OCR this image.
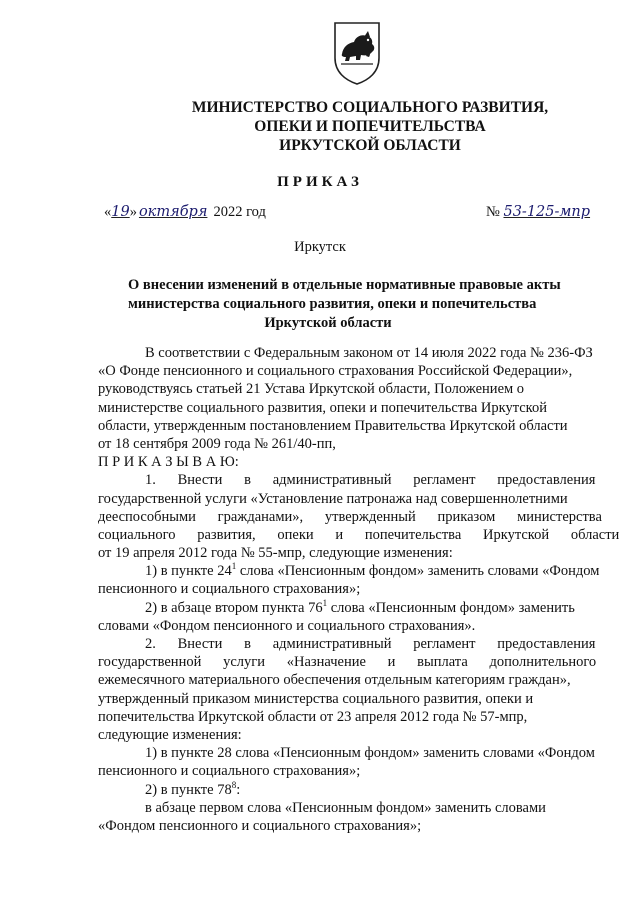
МИНИСТЕРСТВО СОЦИАЛЬНОГО РАЗВИТИЯ,
ОПЕКИ И ПОПЕЧИТЕЛЬСТВА
ИРКУТСКОЙ ОБЛАСТИ
ПРИКАЗ
«19» октября 2022 год	№ 53-125-мпр
Иркутск
О внесении изменений в отдельные нормативные правовые акты
министерства социального развития, опеки и попечительства
Иркутской области
В соответствии с Федеральным законом от 14 июля 2022 года № 236-ФЗ
«О Фонде пенсионного и социального страхования Российской Федерации»,
руководствуясь статьей 21 Устава Иркутской области, Положением о
министерстве социального развития, опеки и попечительства Иркутской
области, утвержденным постановлением Правительства Иркутской области
от 18 сентября 2009 года № 261/40-пп,
П Р И К А З Ы В А Ю:
1.      Внести      в      административный      регламент      предоставления
государственной услуги «Установление патронажа над совершеннолетними
дееспособными      гражданами»,      утвержденный      приказом      министерства
социального      развития,      опеки      и      попечительства      Иркутской      области
от 19 апреля 2012 года № 55-мпр, следующие изменения:
1) в пункте $24^1$ слова «Пенсионным фондом» заменить словами «Фондом
пенсионного и социального страхования»;
2) в абзаце втором пункта $76^1$ слова «Пенсионным фондом» заменить
словами «Фондом пенсионного и социального страхования».
2.      Внести      в      административный      регламент      предоставления
государственной      услуги      «Назначение      и      выплата      дополнительного
ежемесячного материального обеспечения отдельным категориям граждан»,
утвержденный приказом министерства социального развития, опеки и
попечительства Иркутской области от 23 апреля 2012 года № 57-мпр,
следующие изменения:
1) в пункте 28 слова «Пенсионным фондом» заменить словами «Фондом
пенсионного и социального страхования»;
2) в пункте $78^8$:
в абзаце первом слова «Пенсионным фондом» заменить словами
«Фондом пенсионного и социального страхования»;
